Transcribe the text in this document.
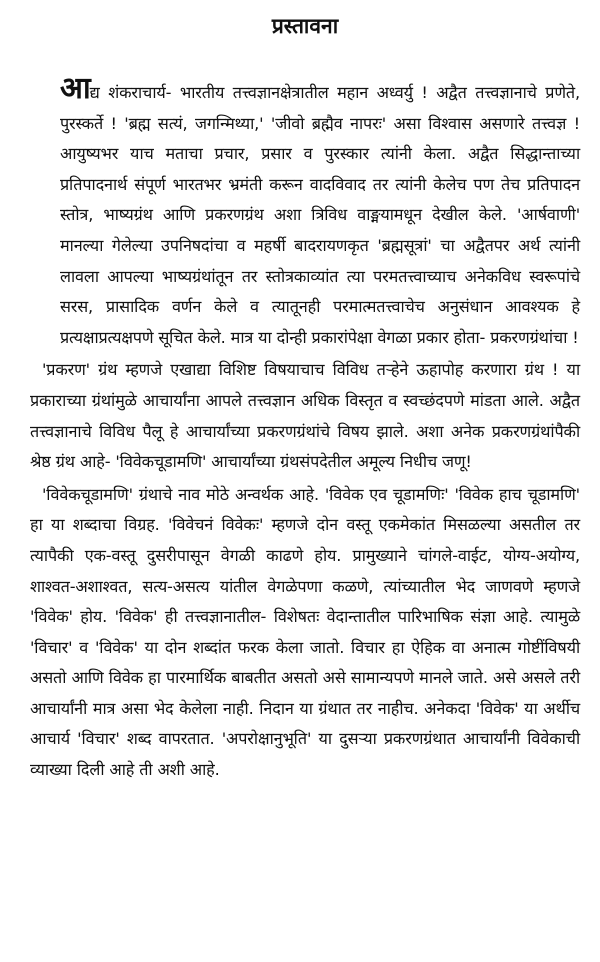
प्रस्तावना

आद्य शंकराचार्य- भारतीय तत्त्वज्ञानक्षेत्रातील महान अध्वर्यु ! अद्वैत तत्त्वज्ञानाचे प्रणेते, पुरस्कर्ते ! 'ब्रह्म सत्यं, जगन्मिथ्या,' 'जीवो ब्रह्मैव नापरः' असा विश्वास असणारे तत्त्वज्ञ ! आयुष्यभर याच मताचा प्रचार, प्रसार व पुरस्कार त्यांनी केला. अद्वैत सिद्धान्ताच्या प्रतिपादनार्थ संपूर्ण भारतभर भ्रमंती करून वादविवाद तर त्यांनी केलेच पण तेच प्रतिपादन स्तोत्र, भाष्यग्रंथ आणि प्रकरणग्रंथ अशा त्रिविध वाङ्मयामधून देखील केले. 'आर्षवाणी' मानल्या गेलेल्या उपनिषदांचा व महर्षी बादरायणकृत 'ब्रह्मसूत्रां' चा अद्वैतपर अर्थ त्यांनी लावला आपल्या भाष्यग्रंथांतून तर स्तोत्रकाव्यांत त्या परमतत्त्वाच्याच अनेकविध स्वरूपांचे सरस, प्रासादिक वर्णन केले व त्यातूनही परमात्मतत्त्वाचेच अनुसंधान आवश्यक हे प्रत्यक्षाप्रत्यक्षपणे सूचित केले. मात्र या दोन्ही प्रकारांपेक्षा वेगळा प्रकार होता- प्रकरणग्रंथांचा !

'प्रकरण' ग्रंथ म्हणजे एखाद्या विशिष्ट विषयाचाच विविध तऱ्हेने ऊहापोह करणारा ग्रंथ ! या प्रकाराच्या ग्रंथांमुळे आचार्यांना आपले तत्त्वज्ञान अधिक विस्तृत व स्वच्छंदपणे मांडता आले. अद्वैत तत्त्वज्ञानाचे विविध पैलू हे आचार्यांच्या प्रकरणग्रंथांचे विषय झाले. अशा अनेक प्रकरणग्रंथांपैकी श्रेष्ठ ग्रंथ आहे- 'विवेकचूडामणि' आचार्यांच्या ग्रंथसंपदेतील अमूल्य निधीच जणू!

'विवेकचूडामणि' ग्रंथाचे नाव मोठे अन्वर्थक आहे. 'विवेक एव चूडामणिः' 'विवेक हाच चूडामणि' हा या शब्दाचा विग्रह. 'विवेचनं विवेकः' म्हणजे दोन वस्तू एकमेकांत मिसळल्या असतील तर त्यापैकी एक-वस्तू दुसरीपासून वेगळी काढणे होय. प्रामुख्याने चांगले-वाईट, योग्य-अयोग्य, शाश्वत-अशाश्वत, सत्य-असत्य यांतील वेगळेपणा कळणे, त्यांच्यातील भेद जाणवणे म्हणजे 'विवेक' होय. 'विवेक' ही तत्त्वज्ञानातील- विशेषतः वेदान्तातील पारिभाषिक संज्ञा आहे. त्यामुळे 'विचार' व 'विवेक' या दोन शब्दांत फरक केला जातो. विचार हा ऐहिक वा अनात्म गोष्टींविषयी असतो आणि विवेक हा पारमार्थिक बाबतीत असतो असे सामान्यपणे मानले जाते. असे असले तरी आचार्यांनी मात्र असा भेद केलेला नाही. निदान या ग्रंथात तर नाहीच. अनेकदा 'विवेक' या अर्थीच आचार्य 'विचार' शब्द वापरतात. 'अपरोक्षानुभूति' या दुसऱ्या प्रकरणग्रंथात आचार्यांनी विवेकाची व्याख्या दिली आहे ती अशी आहे.
